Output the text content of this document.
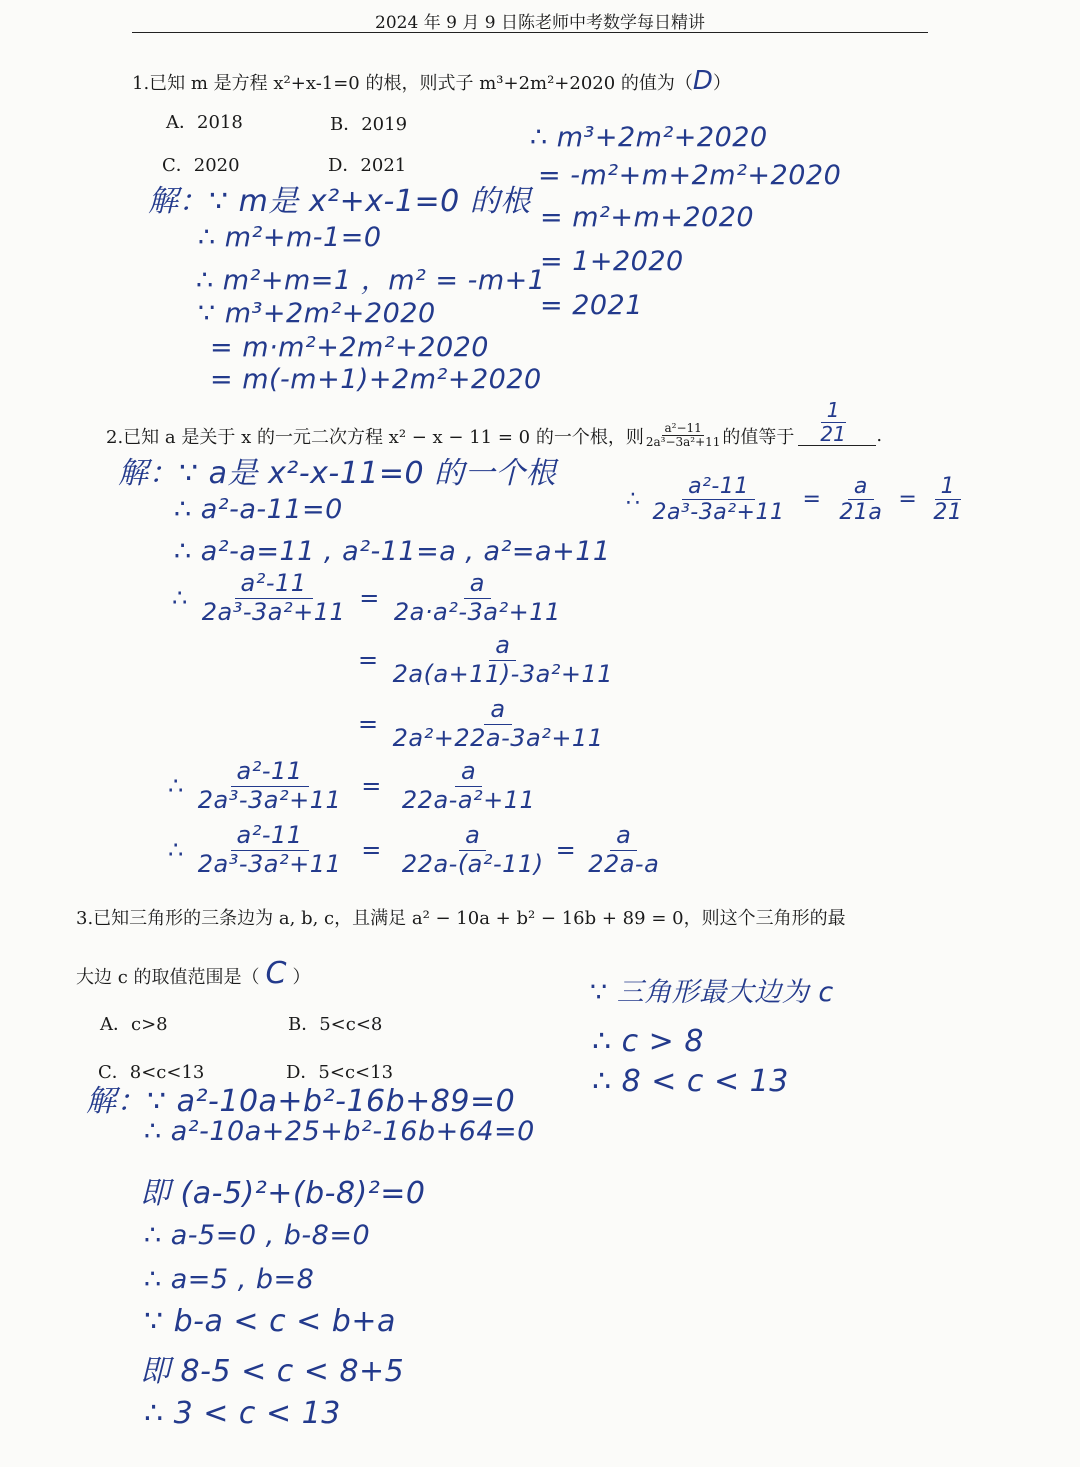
2024 年 9 月 9 日陈老师中考数学每日精讲
1.已知 m 是方程 x²+x-1=0 的根，则式子 m³+2m²+2020 的值为（D）
A．2018	B．2019
C．2020	D．2021
解：∵ m是 x²+x-1=0 的根
∴ m²+m-1=0
∴ m²+m=1 ，m² = -m+1
∵ m³+2m²+2020
= m·m²+2m²+2020
= m(-m+1)+2m²+2020
∴ m³+2m²+2020
= -m²+m+2m²+2020
= m²+m+2020
= 1+2020
= 2021
2.已知 a 是关于 x 的一元二次方程 x² − x − 11 = 0 的一个根，则 $\frac{\text{a²−11}}{\text{2a³−3a²+11}}$ 的值等于 $\frac{1}{21}$ .
解：∵ a是 x²-x-11=0 的一个根
∴ a²-a-11=0
∴ a²-a=11 , a²-11=a , a²=a+11
∴ $\frac{\text{a²-11}}{\text{2a³-3a²+11}} = \frac{a}{\text{2a·a²-3a²+11}}$
= $\frac{a}{\text{2a(a+11)-3a²+11}}$
= $\frac{a}{\text{2a²+22a-3a²+11}}$
∴ $\frac{\text{a²-11}}{\text{2a³-3a²+11}} = \frac{a}{\text{22a-a²+11}}$
∴ $\frac{\text{a²-11}}{\text{2a³-3a²+11}} = \frac{a}{\text{22a-(a²-11)}} = \frac{a}{22a-a}$
∴ $\frac{\text{a²-11}}{\text{2a³-3a²+11}} = \frac{a}{21a} = \frac{1}{21}$
3.已知三角形的三条边为 a, b, c，且满足 a² − 10a + b² − 16b + 89 = 0，则这个三角形的最
大边 c 的取值范围是（ C ）
A．c>8	B．5<c<8
C．8<c<13	D．5<c<13
解：∵ a²-10a+b²-16b+89=0
∴ a²-10a+25+b²-16b+64=0
即 (a-5)²+(b-8)²=0
∴ a-5=0 , b-8=0
∴ a=5 , b=8
∵ b-a < c < b+a
即 8-5 < c < 8+5
∴ 3 < c < 13
∵ 三角形最大边为 c
∴ c > 8
∴ 8 < c < 13
